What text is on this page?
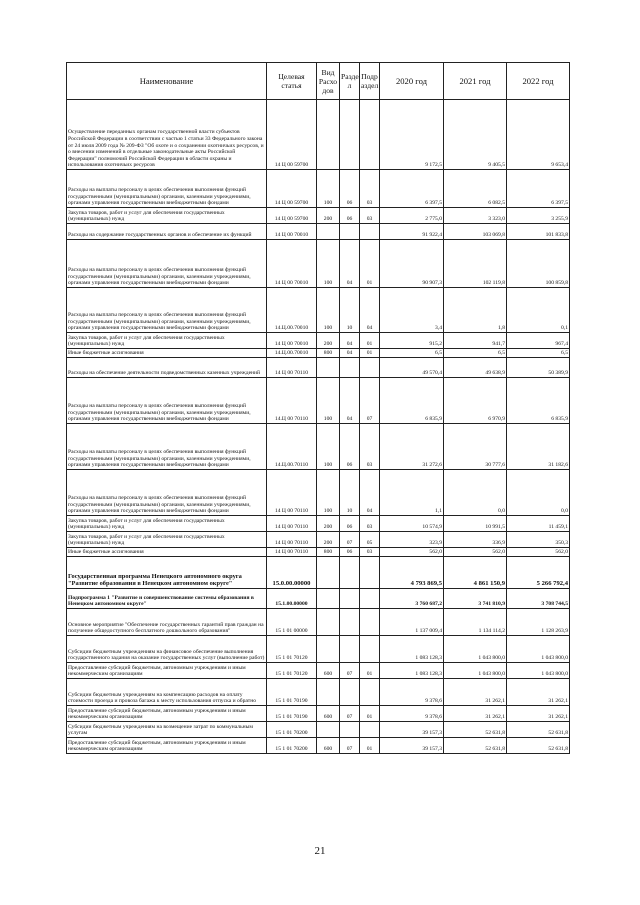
Наименование	Целевая статья	Вид Расхо дов	Разде л	Подр аздел	2020 год	2021 год	2022 год
Осуществление переданных органам государственной власти субъектов Российской Федерации в соответствии с частью 1 статьи 33 Федерального закона от 24 июля 2009 года № 209-ФЗ "Об охоте и о сохранении охотничьих ресурсов, и о внесении изменений в отдельные законодательные акты Российской Федерации" полномочий Российской Федерации в области охраны и использования охотничьих ресурсов	14 Ц 00 59700				9 172,5	9 405,5	9 653,4
Расходы на выплаты персоналу в целях обеспечения выполнения функций государственными (муниципальными) органами, казенными учреждениями, органами управления государственными внебюджетными фондами	14 Ц 00 59700	100	06	03	6 397,5	6 082,5	6 397,5
Закупка товаров, работ и услуг для обеспечения государственных (муниципальных) нужд	14 Ц 00 59700	200	06	03	2 775,0	3 323,0	3 255,9
Расходы на содержание государственных органов и обеспечение их функций	14 Ц 00 70010				91 922,4	103 069,8	101 833,8
Расходы на выплаты персоналу в целях обеспечения выполнения функций государственными (муниципальными) органами, казенными учреждениями, органами управления государственными внебюджетными фондами	14 Ц 00 70010	100	04	01	90 907,3	102 119,8	100 859,8
Расходы на выплаты персоналу в целях обеспечения выполнения функций государственными (муниципальными) органами, казенными учреждениями, органами управления государственными внебюджетными фондами	14.Ц.00.70010	100	10	04	3,4	1,8	0,1
Закупка товаров, работ и услуг для обеспечения государственных (муниципальных) нужд	14 Ц 00 70010	200	04	01	915,2	941,7	967,4
Иные бюджетные ассигнования	14.Ц.00.70010	800	04	01	6,5	6,5	6,5
Расходы на обеспечение деятельности подведомственных казенных учреждений	14 Ц 00 70110				49 570,4	49 638,9	50 389,9
Расходы на выплаты персоналу в целях обеспечения выполнения функций государственными (муниципальными) органами, казенными учреждениями, органами управления государственными внебюджетными фондами	14.Ц 00 70110	100	04	07	6 835,9	6 970,9	6 835,9
Расходы на выплаты персоналу в целях обеспечения выполнения функций государственными (муниципальными) органами, казенными учреждениями, органами управления государственными внебюджетными фондами	14.Ц.00.70110	100	06	03	31 272,6	30 777,6	31 182,6
Расходы на выплаты персоналу в целях обеспечения выполнения функций государственными (муниципальными) органами, казенными учреждениями, органами управления государственными внебюджетными фондами	14 Ц 00 70110	100	10	04	1,1	0,0	0,0
Закупка товаров, работ и услуг для обеспечения государственных (муниципальных) нужд	14 Ц 00 70110	200	06	03	10 574,9	10 991,5	11 459,1
Закупка товаров, работ и услуг для обеспечения государственных (муниципальных) нужд	14 Ц 00 70110	200	07	05	323,9	336,9	350,3
Иные бюджетные ассигнования	14 Ц 00 70110	800	06	03	562,0	562,0	562,0
Государственная программа Ненецкого автономного округа "Развитие образования в Ненецком автономном округе"	15.0.00.00000				4 793 869,5	4 861 150,9	5 266 792,4
Подпрограмма 1 "Развитие и совершенствование системы образования в Ненецком автономном округе"	15.1.00.00000				3 760 687,2	3 741 810,9	3 708 744,5
Основное мероприятие "Обеспечение государственных гарантий прав граждан на получение общедоступного бесплатного дошкольного образования"	15 1 01 00000				1 137 009,4	1 134 114,2	1 128 263,9
Субсидии бюджетным учреждениям на финансовое обеспечение выполнения государственного задания на оказание государственных услуг (выполнение работ)	15 1 01 70120				1 083 128,3	1 043 800,0	1 043 800,0
Предоставление субсидий бюджетным, автономным учреждениям и иным некоммерческим организациям	15 1 01 70120	600	07	01	1 083 128,3	1 043 800,0	1 043 800,0
Субсидии бюджетным учреждениям на компенсацию расходов на оплату стоимости проезда и провоза багажа к месту использования отпуска и обратно	15 1 01 70190				9 378,6	31 262,1	31 262,1
Предоставление субсидий бюджетным, автономным учреждениям и иным некоммерческим организациям	15 1 01 70190	600	07	01	9 378,6	31 262,1	31 262,1
Субсидии бюджетным учреждениям на возмещение затрат по коммунальным услугам	15 1 01 70200				39 157,3	52 631,8	52 631,8
Предоставление субсидий бюджетным, автономным учреждениям и иным некоммерческим организациям	15 1 01 70200	600	07	01	39 157,3	52 631,8	52 631,8
21
